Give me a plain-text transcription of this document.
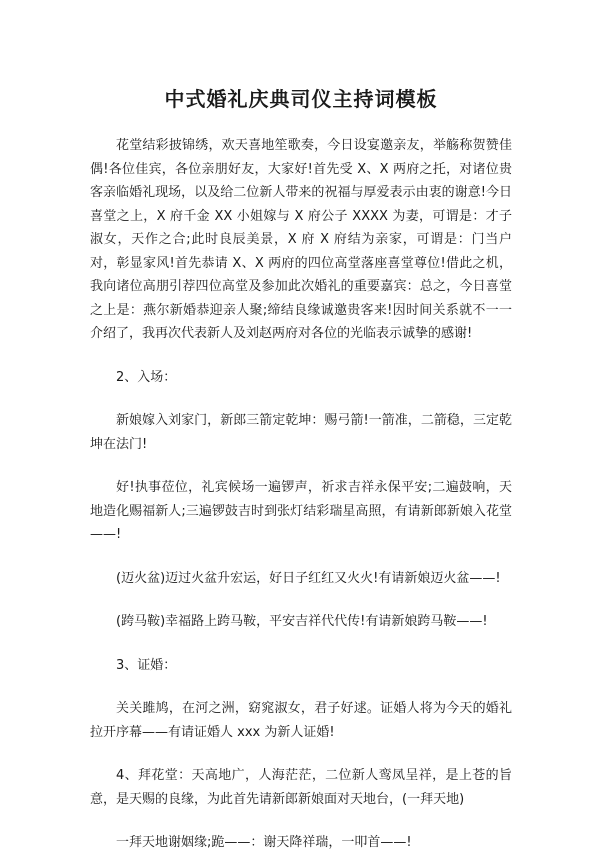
中式婚礼庆典司仪主持词模板
花堂结彩披锦绣，欢天喜地笙歌奏，今日设宴邀亲友，举觞称贺赞佳偶!各位佳宾，各位亲朋好友，大家好!首先受 X、X 两府之托，对诸位贵客亲临婚礼现场，以及给二位新人带来的祝福与厚爱表示由衷的谢意!今日喜堂之上，X 府千金 XX 小姐嫁与 X 府公子 XXXX 为妻，可谓是：才子淑女，天作之合;此时良辰美景，X 府 X 府结为亲家，可谓是：门当户对，彰显家风!首先恭请 X、X 两府的四位高堂落座喜堂尊位!借此之机，我向诸位高朋引荐四位高堂及参加此次婚礼的重要嘉宾：总之，今日喜堂之上是：燕尔新婚恭迎亲人聚;缔结良缘诚邀贵客来!因时间关系就不一一介绍了，我再次代表新人及刘赵两府对各位的光临表示诚挚的感谢!
2、入场：
新娘嫁入刘家门，新郎三箭定乾坤：赐弓箭!一箭准，二箭稳，三定乾坤在法门!
好!执事莅位，礼宾候场一遍锣声，祈求吉祥永保平安;二遍鼓响，天地造化赐福新人;三遍锣鼓吉时到张灯结彩瑞星高照，有请新郎新娘入花堂——!
(迈火盆)迈过火盆升宏运，好日子红红又火火!有请新娘迈火盆——!
(跨马鞍)幸福路上跨马鞍，平安吉祥代代传!有请新娘跨马鞍——!
3、证婚：
关关雎鸠，在河之洲，窈窕淑女，君子好逑。证婚人将为今天的婚礼拉开序幕——有请证婚人 xxx 为新人证婚!
4、拜花堂：天高地广，人海茫茫，二位新人鸾凤呈祥，是上苍的旨意，是天赐的良缘，为此首先请新郎新娘面对天地台，(一拜天地)
一拜天地谢姻缘;跪——：谢天降祥瑞，一叩首——!
